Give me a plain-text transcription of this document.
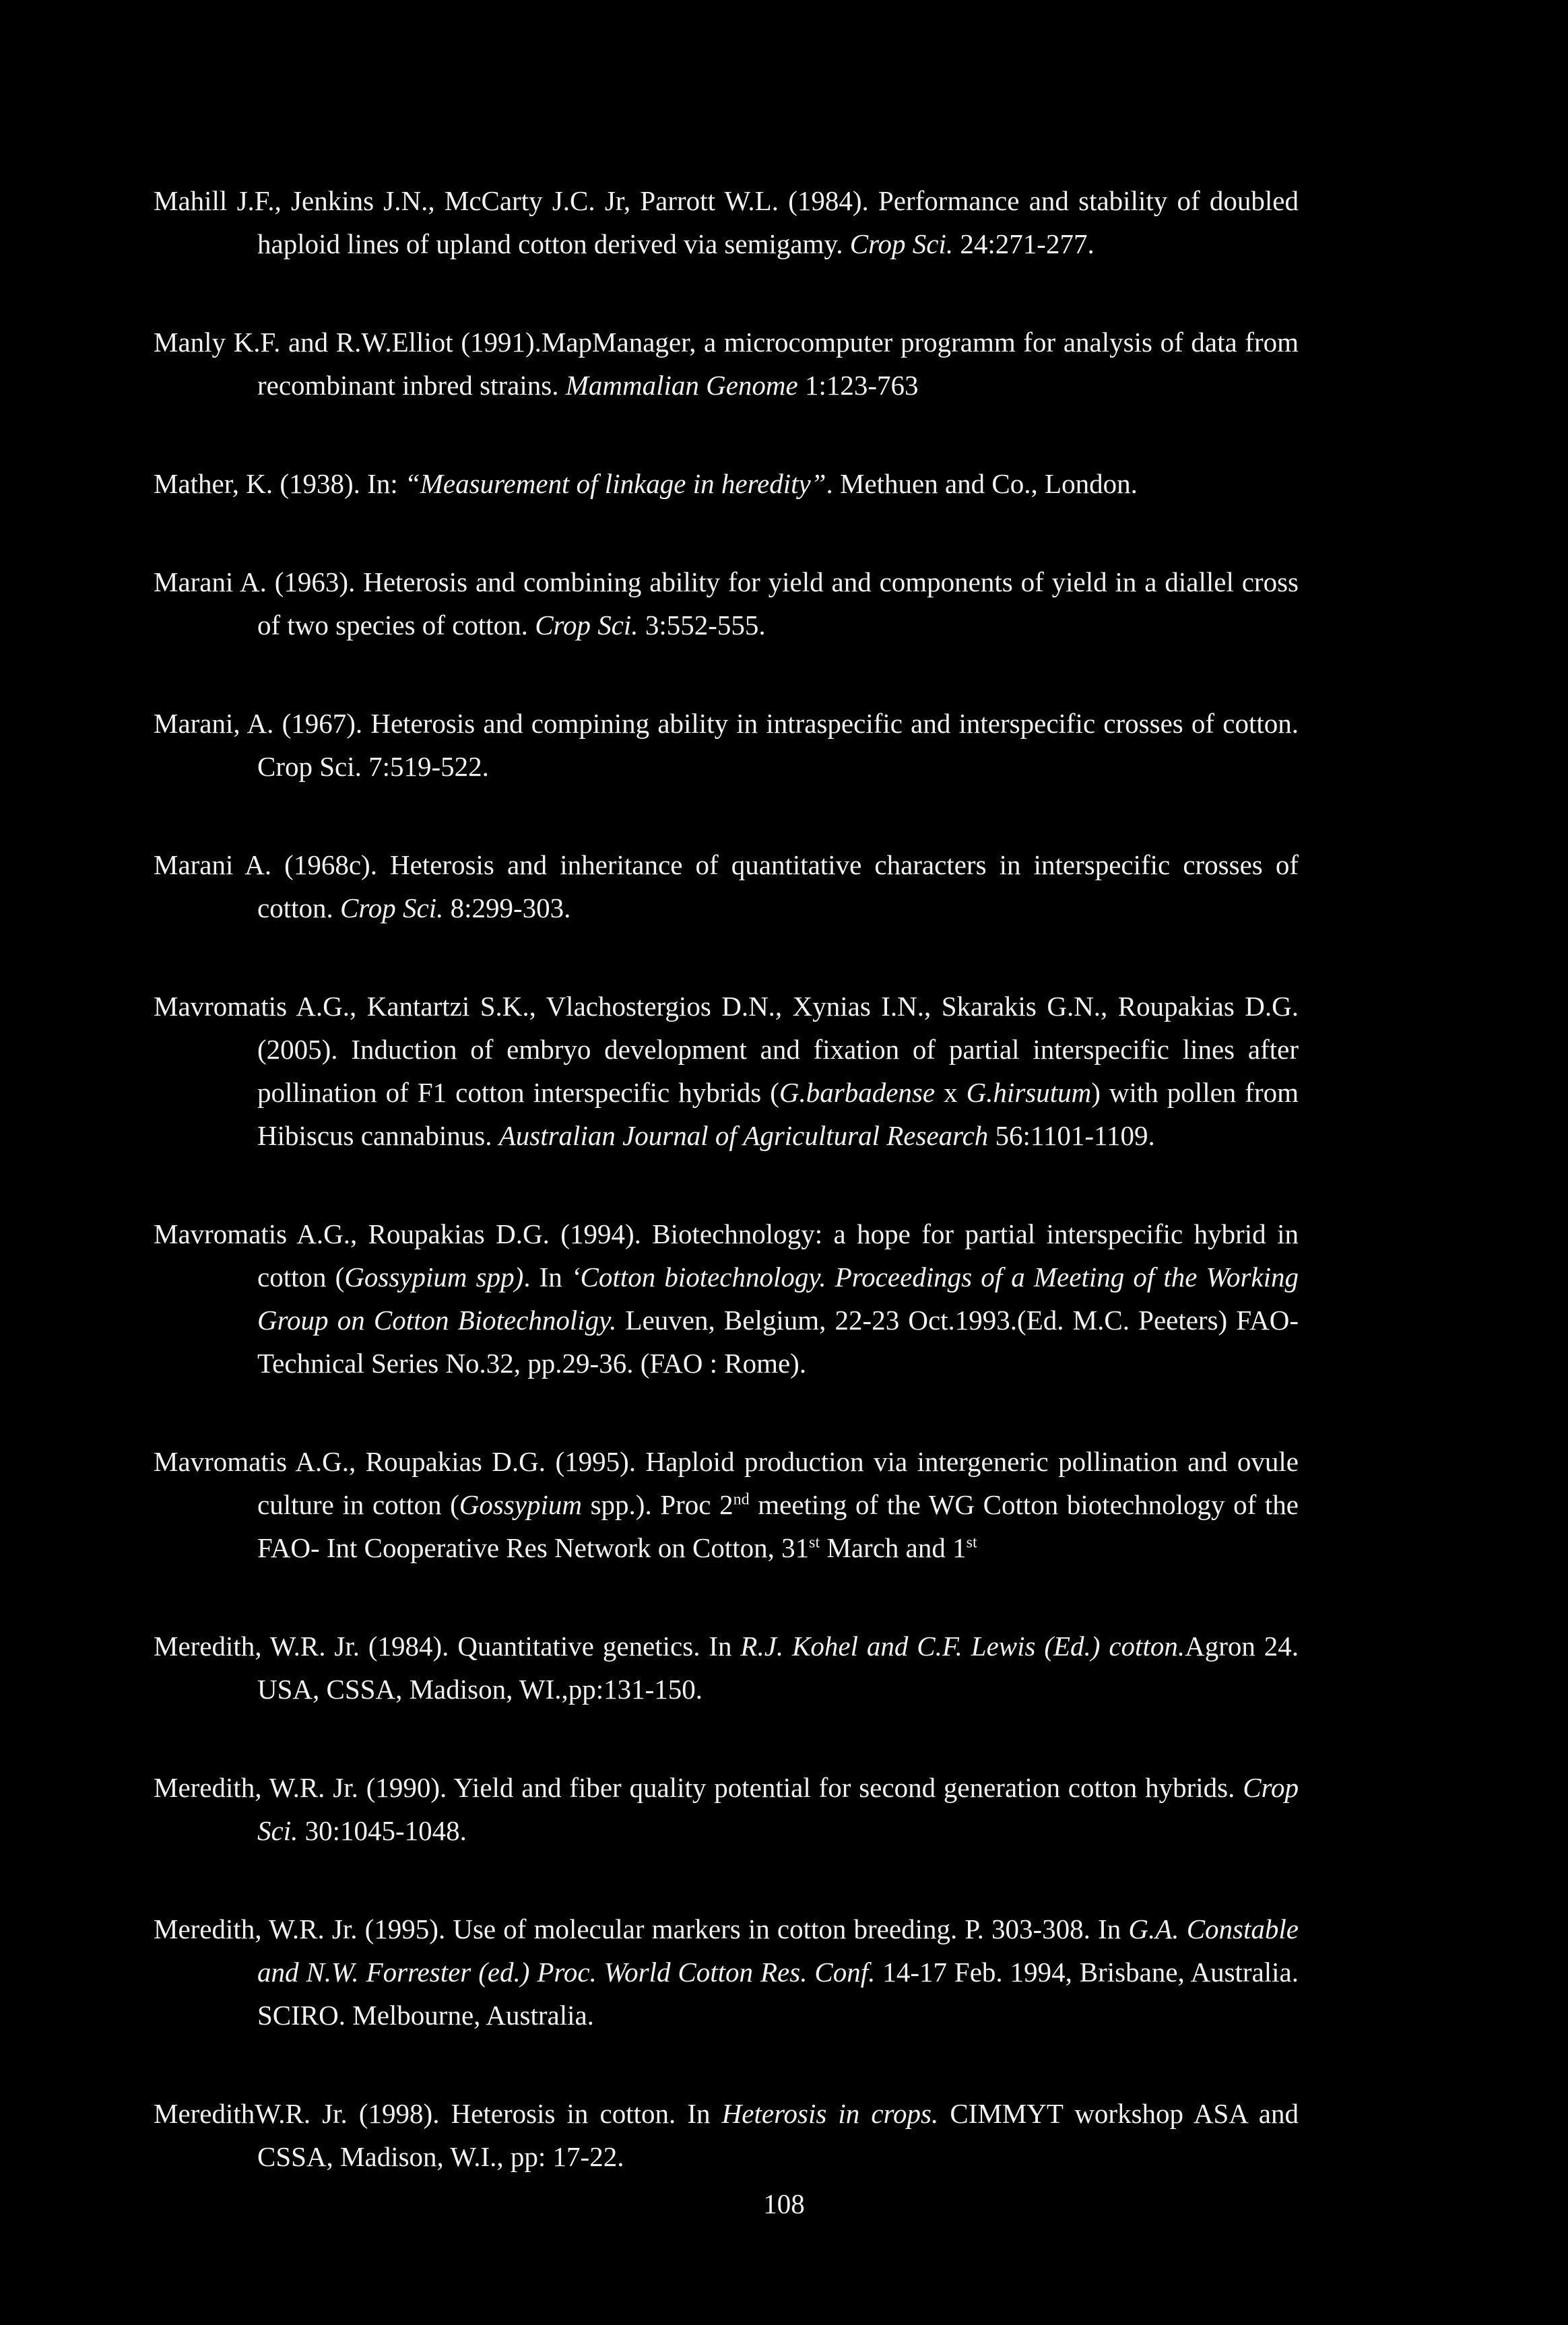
Mahill J.F., Jenkins J.N., McCarty J.C. Jr, Parrott W.L. (1984). Performance and stability of doubled haploid lines of upland cotton derived via semigamy. Crop Sci. 24:271-277.

Manly K.F. and R.W.Elliot (1991).MapManager, a microcomputer programm for analysis of data from recombinant inbred strains. Mammalian Genome 1:123-763

Mather, K. (1938). In: “Measurement of linkage in heredity”. Methuen and Co., London.

Marani A. (1963). Heterosis and combining ability for yield and components of yield in a diallel cross of two species of cotton. Crop Sci. 3:552-555.

Marani, A. (1967). Heterosis and compining ability in intraspecific and interspecific crosses of cotton. Crop Sci. 7:519-522.

Marani A. (1968c). Heterosis and inheritance of quantitative characters in interspecific crosses of cotton. Crop Sci. 8:299-303.

Mavromatis A.G., Kantartzi S.K., Vlachostergios D.N., Xynias I.N., Skarakis G.N., Roupakias D.G. (2005). Induction of embryo development and fixation of partial interspecific lines after pollination of F1 cotton interspecific hybrids (G.barbadense x G.hirsutum) with pollen from Hibiscus cannabinus. Australian Journal of Agricultural Research 56:1101-1109.

Mavromatis A.G., Roupakias D.G. (1994). Biotechnology: a hope for partial interspecific hybrid in cotton (Gossypium spp). In ‘Cotton biotechnology. Proceedings of a Meeting of the Working Group on Cotton Biotechnoligy. Leuven, Belgium, 22-23 Oct.1993.(Ed. M.C. Peeters) FAO-Technical Series No.32, pp.29-36. (FAO : Rome).

Mavromatis A.G., Roupakias D.G. (1995). Haploid production via intergeneric pollination and ovule culture in cotton (Gossypium spp.). Proc 2nd meeting of the WG Cotton biotechnology of the FAO- Int Cooperative Res Network on Cotton, 31st March and 1st

Meredith, W.R. Jr. (1984). Quantitative genetics. In R.J. Kohel and C.F. Lewis (Ed.) cotton.Agron 24. USA, CSSA, Madison, WI.,pp:131-150.

Meredith, W.R. Jr. (1990). Yield and fiber quality potential for second generation cotton hybrids. Crop Sci. 30:1045-1048.

Meredith, W.R. Jr. (1995). Use of molecular markers in cotton breeding. P. 303-308. In G.A. Constable and N.W. Forrester (ed.) Proc. World Cotton Res. Conf. 14-17 Feb. 1994, Brisbane, Australia. SCIRO. Melbourne, Australia.

MeredithW.R. Jr. (1998). Heterosis in cotton. In Heterosis in crops. CIMMYT workshop ASA and CSSA, Madison, W.I., pp: 17-22.

108
